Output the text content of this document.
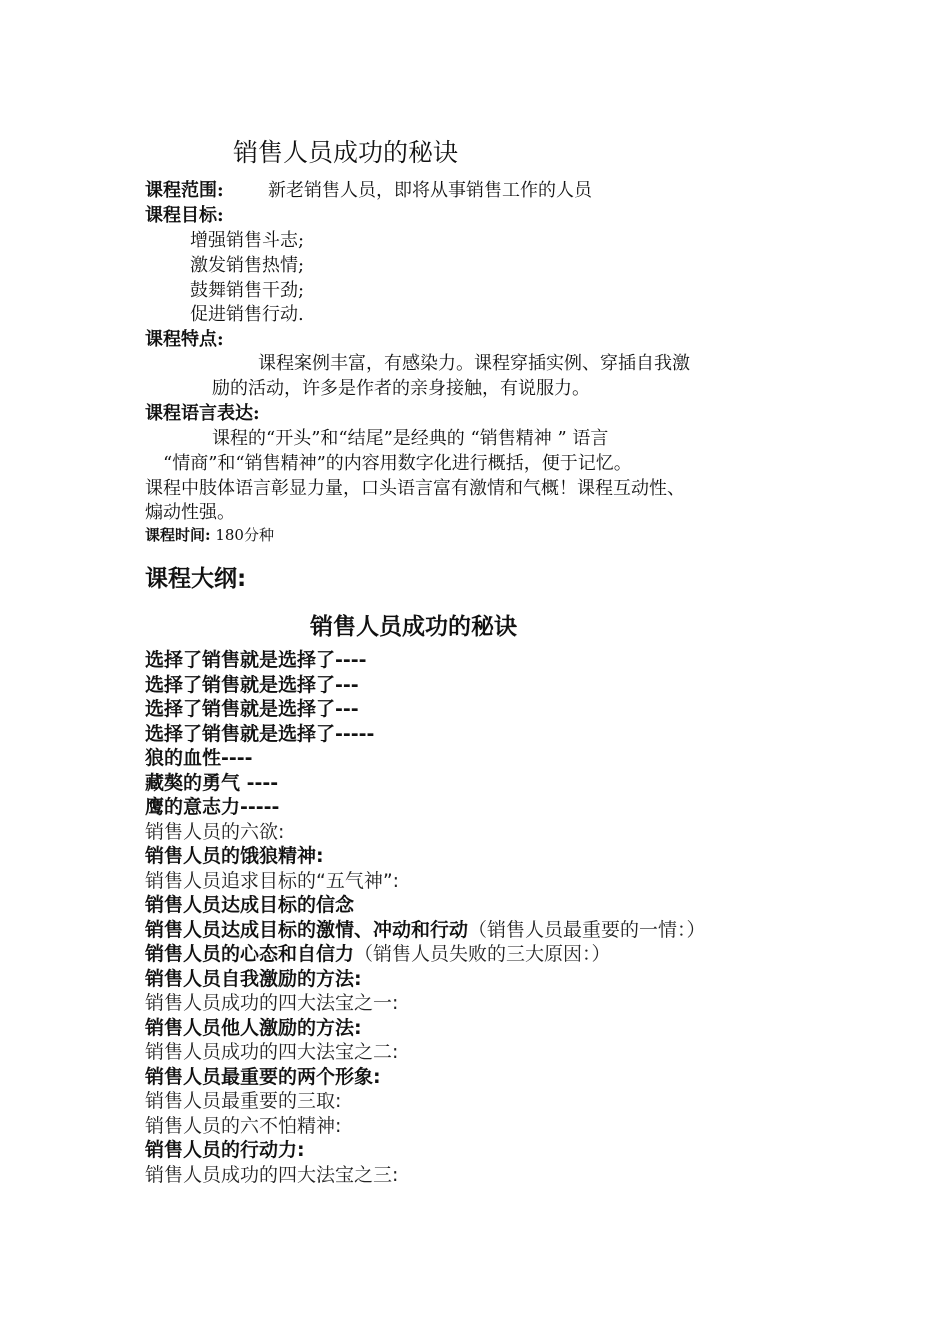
销售人员成功的秘诀
课程范围: 新老销售人员，即将从事销售工作的人员
课程目标:
增强销售斗志;
激发销售热情;
鼓舞销售干劲;
促进销售行动.
课程特点:
课程案例丰富，有感染力。课程穿插实例、穿插自我激
励的活动，许多是作者的亲身接触，有说服力。
课程语言表达:
课程的“开头”和“结尾”是经典的 “销售精神 ” 语言
“情商”和“销售精神”的内容用数字化进行概括，便于记忆。
课程中肢体语言彰显力量，口头语言富有激情和气概！课程互动性、
煽动性强。
课程时间: 180分种
课程大纲:
销售人员成功的秘诀
选择了销售就是选择了----
选择了销售就是选择了---
选择了销售就是选择了---
选择了销售就是选择了-----
狼的血性----
藏獒的勇气 ----
鹰的意志力-----
销售人员的六欲:
销售人员的饿狼精神:
销售人员追求目标的“五气神”:
销售人员达成目标的信念
销售人员达成目标的激情、冲动和行动（销售人员最重要的一情：）
销售人员的心态和自信力（销售人员失败的三大原因：）
销售人员自我激励的方法:
销售人员成功的四大法宝之一:
销售人员他人激励的方法:
销售人员成功的四大法宝之二:
销售人员最重要的两个形象:
销售人员最重要的三取:
销售人员的六不怕精神:
销售人员的行动力:
销售人员成功的四大法宝之三:
